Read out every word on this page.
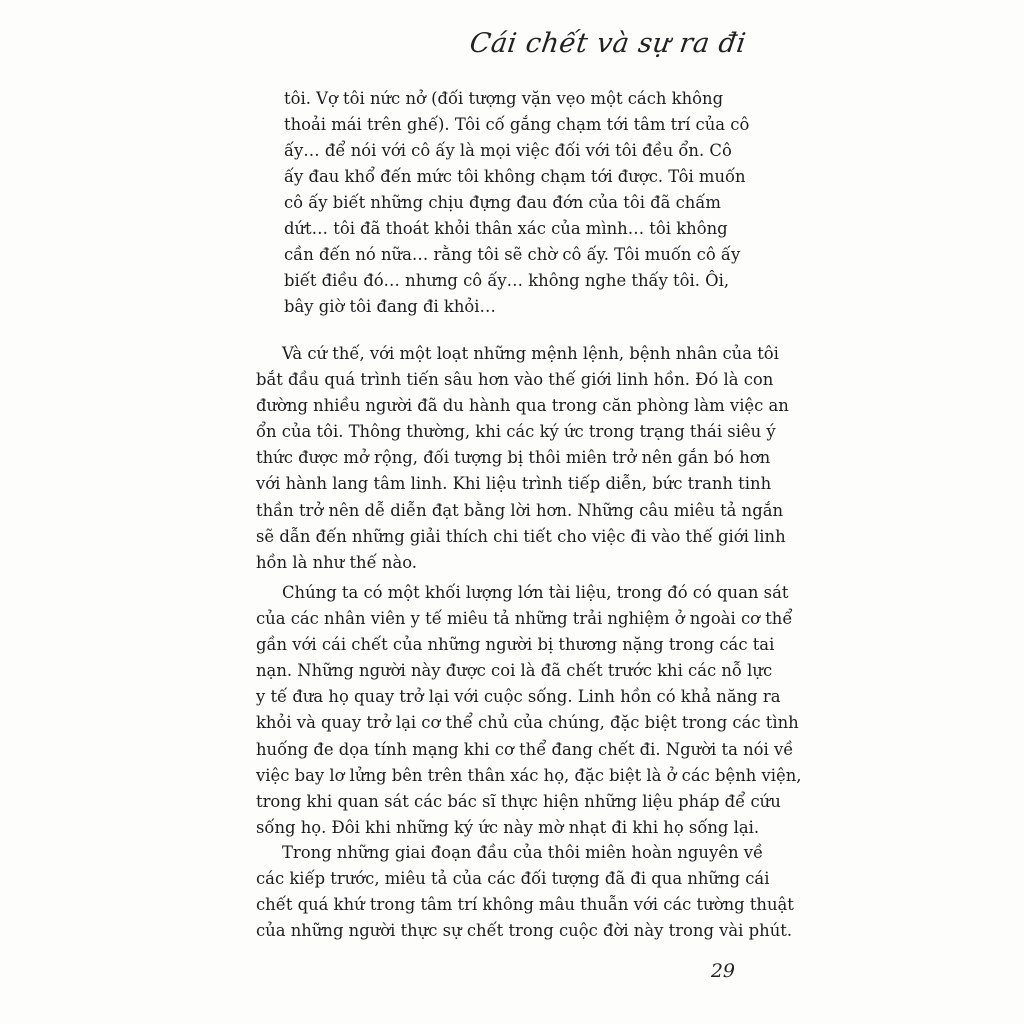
Cái chết và sự ra đi
tôi. Vợ tôi nức nở (đối tượng vặn vẹo một cách không
thoải mái trên ghế). Tôi cố gắng chạm tới tâm trí của cô
ấy… để nói với cô ấy là mọi việc đối với tôi đều ổn. Cô
ấy đau khổ đến mức tôi không chạm tới được. Tôi muốn
cô ấy biết những chịu đựng đau đớn của tôi đã chấm
dứt… tôi đã thoát khỏi thân xác của mình… tôi không
cần đến nó nữa… rằng tôi sẽ chờ cô ấy. Tôi muốn cô ấy
biết điều đó… nhưng cô ấy… không nghe thấy tôi. Ôi,
bây giờ tôi đang đi khỏi…
Và cứ thế, với một loạt những mệnh lệnh, bệnh nhân của tôi
bắt đầu quá trình tiến sâu hơn vào thế giới linh hồn. Đó là con
đường nhiều người đã du hành qua trong căn phòng làm việc an
ổn của tôi. Thông thường, khi các ký ức trong trạng thái siêu ý
thức được mở rộng, đối tượng bị thôi miên trở nên gắn bó hơn
với hành lang tâm linh. Khi liệu trình tiếp diễn, bức tranh tinh
thần trở nên dễ diễn đạt bằng lời hơn. Những câu miêu tả ngắn
sẽ dẫn đến những giải thích chi tiết cho việc đi vào thế giới linh
hồn là như thế nào.
Chúng ta có một khối lượng lớn tài liệu, trong đó có quan sát
của các nhân viên y tế miêu tả những trải nghiệm ở ngoài cơ thể
gần với cái chết của những người bị thương nặng trong các tai
nạn. Những người này được coi là đã chết trước khi các nỗ lực
y tế đưa họ quay trở lại với cuộc sống. Linh hồn có khả năng ra
khỏi và quay trở lại cơ thể chủ của chúng, đặc biệt trong các tình
huống đe dọa tính mạng khi cơ thể đang chết đi. Người ta nói về
việc bay lơ lửng bên trên thân xác họ, đặc biệt là ở các bệnh viện,
trong khi quan sát các bác sĩ thực hiện những liệu pháp để cứu
sống họ. Đôi khi những ký ức này mờ nhạt đi khi họ sống lại.
Trong những giai đoạn đầu của thôi miên hoàn nguyên về
các kiếp trước, miêu tả của các đối tượng đã đi qua những cái
chết quá khứ trong tâm trí không mâu thuẫn với các tường thuật
của những người thực sự chết trong cuộc đời này trong vài phút.
29
